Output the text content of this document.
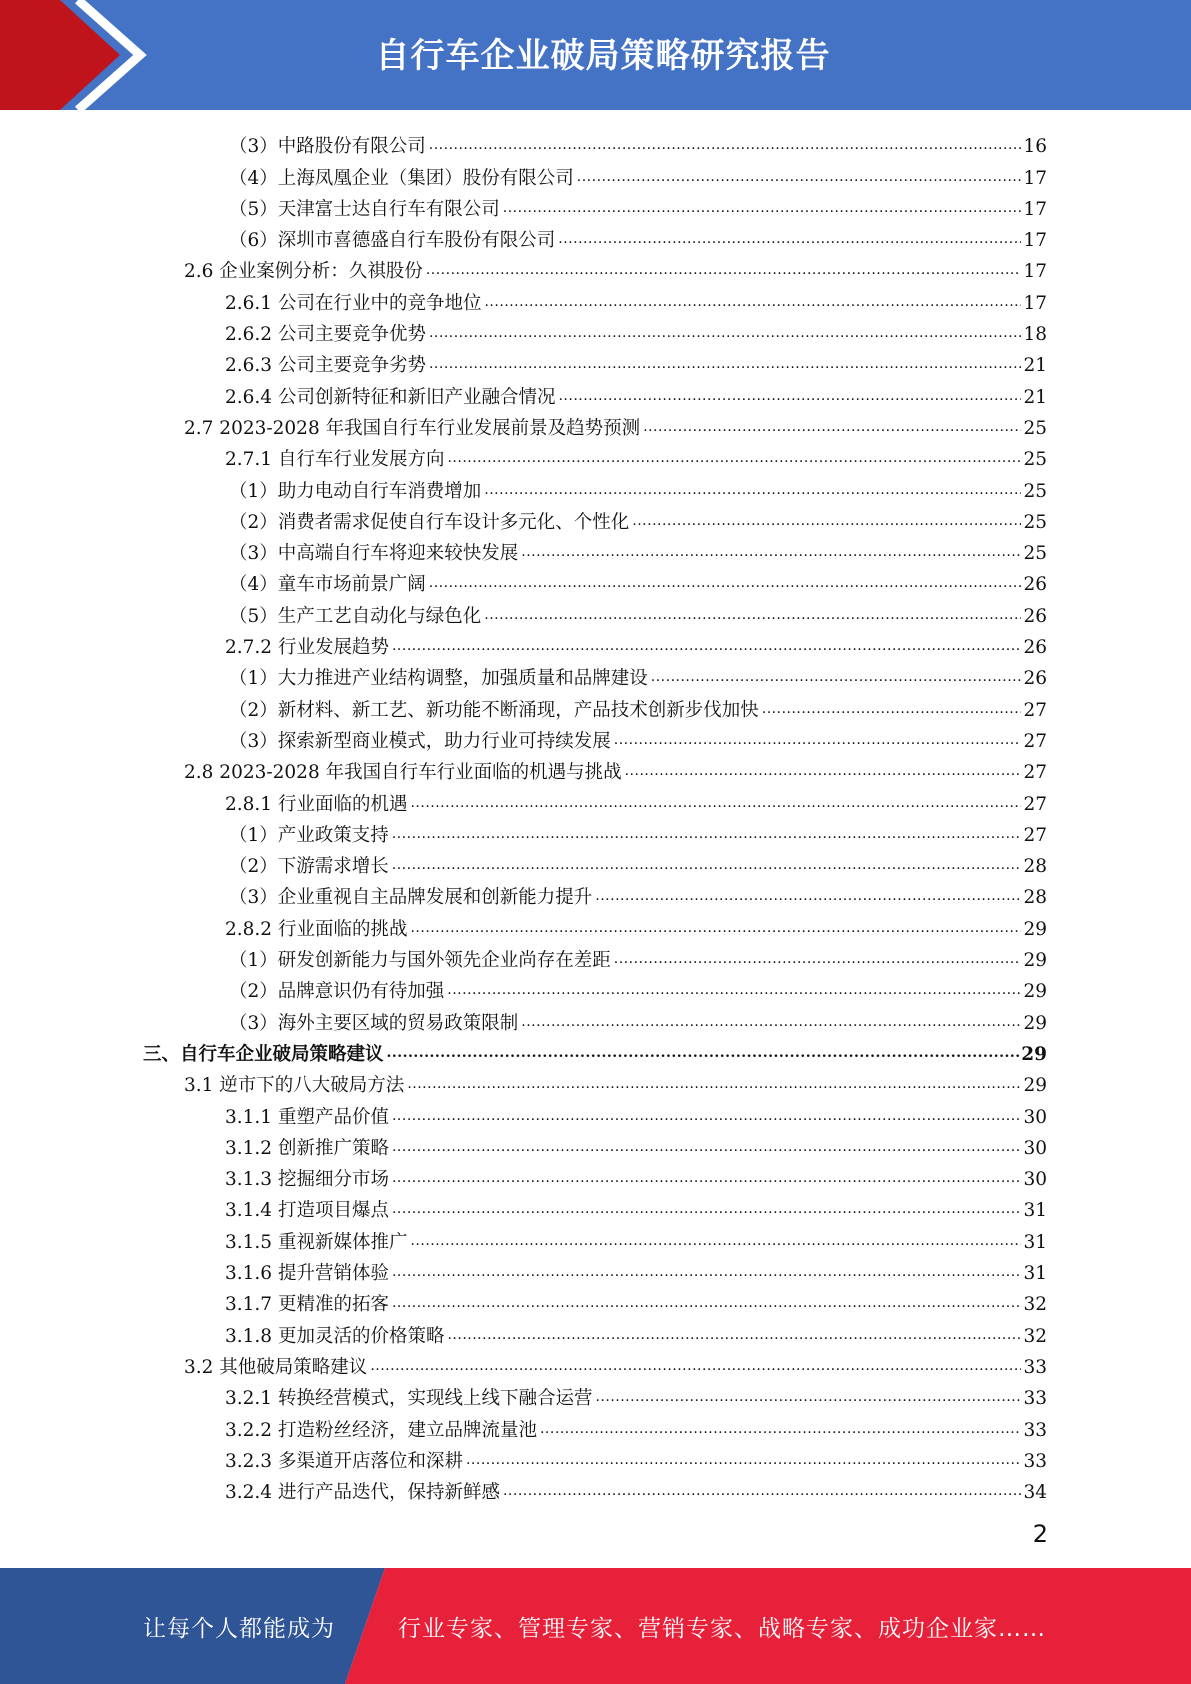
自行车企业破局策略研究报告
（3）中路股份有限公司 .....	16
（4）上海凤凰企业（集团）股份有限公司 .....	17
（5）天津富士达自行车有限公司 .....	17
（6）深圳市喜德盛自行车股份有限公司 .....	17
2.6 企业案例分析：久祺股份 .....	17
2.6.1 公司在行业中的竞争地位 .....	17
2.6.2 公司主要竞争优势 .....	18
2.6.3 公司主要竞争劣势 .....	21
2.6.4 公司创新特征和新旧产业融合情况 .....	21
2.7 2023-2028 年我国自行车行业发展前景及趋势预测 .....	25
2.7.1 自行车行业发展方向 .....	25
（1）助力电动自行车消费增加 .....	25
（2）消费者需求促使自行车设计多元化、个性化 .....	25
（3）中高端自行车将迎来较快发展 .....	25
（4）童车市场前景广阔 .....	26
（5）生产工艺自动化与绿色化 .....	26
2.7.2 行业发展趋势 .....	26
（1）大力推进产业结构调整，加强质量和品牌建设 .....	26
（2）新材料、新工艺、新功能不断涌现，产品技术创新步伐加快 .....	27
（3）探索新型商业模式，助力行业可持续发展 .....	27
2.8 2023-2028 年我国自行车行业面临的机遇与挑战 .....	27
2.8.1 行业面临的机遇 .....	27
（1）产业政策支持 .....	27
（2）下游需求增长 .....	28
（3）企业重视自主品牌发展和创新能力提升 .....	28
2.8.2 行业面临的挑战 .....	29
（1）研发创新能力与国外领先企业尚存在差距 .....	29
（2）品牌意识仍有待加强 .....	29
（3）海外主要区域的贸易政策限制 .....	29
三、自行车企业破局策略建议 .....	29
3.1 逆市下的八大破局方法 .....	29
3.1.1 重塑产品价值 .....	30
3.1.2 创新推广策略 .....	30
3.1.3 挖掘细分市场 .....	30
3.1.4 打造项目爆点 .....	31
3.1.5 重视新媒体推广 .....	31
3.1.6 提升营销体验 .....	31
3.1.7 更精准的拓客 .....	32
3.1.8 更加灵活的价格策略 .....	32
3.2 其他破局策略建议 .....	33
3.2.1 转换经营模式，实现线上线下融合运营 .....	33
3.2.2 打造粉丝经济，建立品牌流量池 .....	33
3.2.3 多渠道开店落位和深耕 .....	33
3.2.4 进行产品迭代，保持新鲜感 .....	34
2
让每个人都能成为	行业专家、管理专家、营销专家、战略专家、成功企业家……
